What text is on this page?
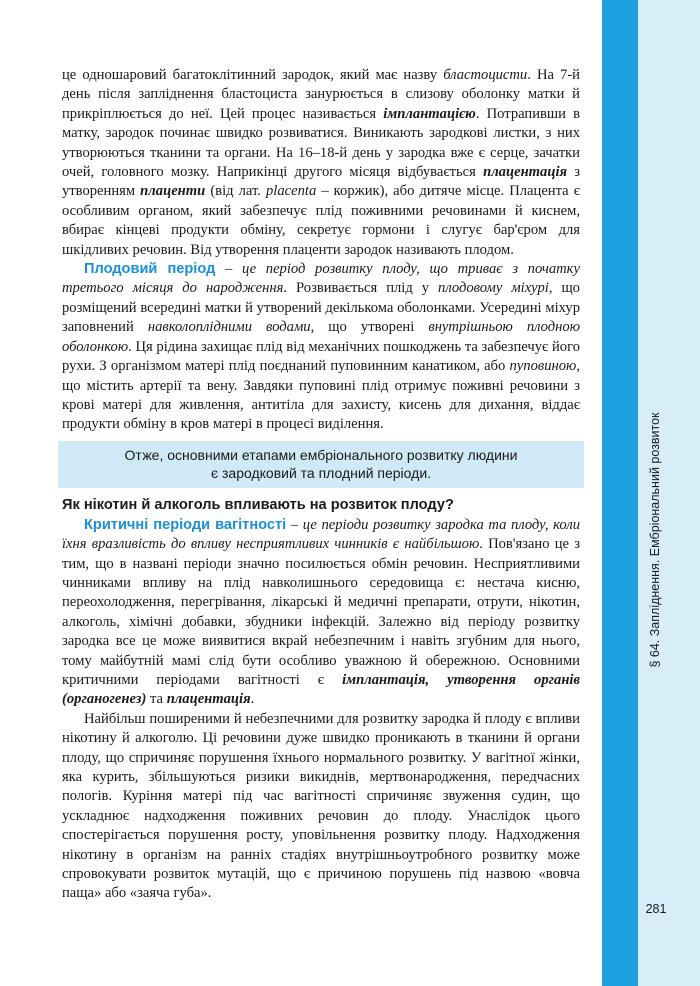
§ 64. Запліднення. Ембріональний розвиток
281

це одношаровий багатоклітинний зародок, який має назву бластоцисти. На 7-й день після запліднення бластоциста занурюється в слизову оболонку матки й прикріплюється до неї. Цей процес називається імплантацією. Потрапивши в матку, зародок починає швидко розвиватися. Виникають зародкові листки, з них утворюються тканини та органи. На 16–18-й день у зародка вже є серце, зачатки очей, головного мозку. Наприкінці другого місяця відбувається плацентація з утворенням плаценти (від лат. placenta – коржик), або дитяче місце. Плацента є особливим органом, який забезпечує плід поживними речовинами й киснем, вбирає кінцеві продукти обміну, секретує гормони і слугує бар'єром для шкідливих речовин. Від утворення плаценти зародок називають плодом.

Плодовий період – це період розвитку плоду, що триває з початку третього місяця до народження. Розвивається плід у плодовому міхурі, що розміщений всередині матки й утворений декількома оболонками. Усередині міхур заповнений навколоплідними водами, що утворені внутрішньою плодною оболонкою. Ця рідина захищає плід від механічних пошкоджень та забезпечує його рухи. З організмом матері плід поєднаний пуповинним канатиком, або пуповиною, що містить артерії та вену. Завдяки пуповині плід отримує поживні речовини з крові матері для живлення, антитіла для захисту, кисень для дихання, віддає продукти обміну в кров матері в процесі виділення.

Отже, основними етапами ембріонального розвитку людини
є зародковий та плодний періоди.
Як нікотин й алкоголь впливають на розвиток плоду?

Критичні періоди вагітності – це періоди розвитку зародка та плоду, коли їхня вразливість до впливу несприятливих чинників є найбільшою. Пов'язано це з тим, що в названі періоди значно посилюється обмін речовин. Несприятливими чинниками впливу на плід навколишнього середовища є: нестача кисню, переохолодження, перегрівання, лікарські й медичні препарати, отрути, нікотин, алкоголь, хімічні добавки, збудники інфекцій. Залежно від періоду розвитку зародка все це може виявитися вкрай небезпечним і навіть згубним для нього, тому майбутній мамі слід бути особливо уважною й обережною. Основними критичними періодами вагітності є імплантація, утворення органів (органогенез) та плацентація.

Найбільш поширеними й небезпечними для розвитку зародка й плоду є впливи нікотину й алкоголю. Ці речовини дуже швидко проникають в тканини й органи плоду, що спричиняє порушення їхнього нормального розвитку. У вагітної жінки, яка курить, збільшуються ризики викиднів, мертвонародження, передчасних пологів. Куріння матері під час вагітності спричиняє звуження судин, що ускладнює надходження поживних речовин до плоду. Унаслідок цього спостерігається порушення росту, уповільнення розвитку плоду. Надходження нікотину в організм на ранніх стадіях внутрішньоутробного розвитку може спровокувати розвиток мутацій, що є причиною порушень під назвою «вовча паща» або «заяча губа».
